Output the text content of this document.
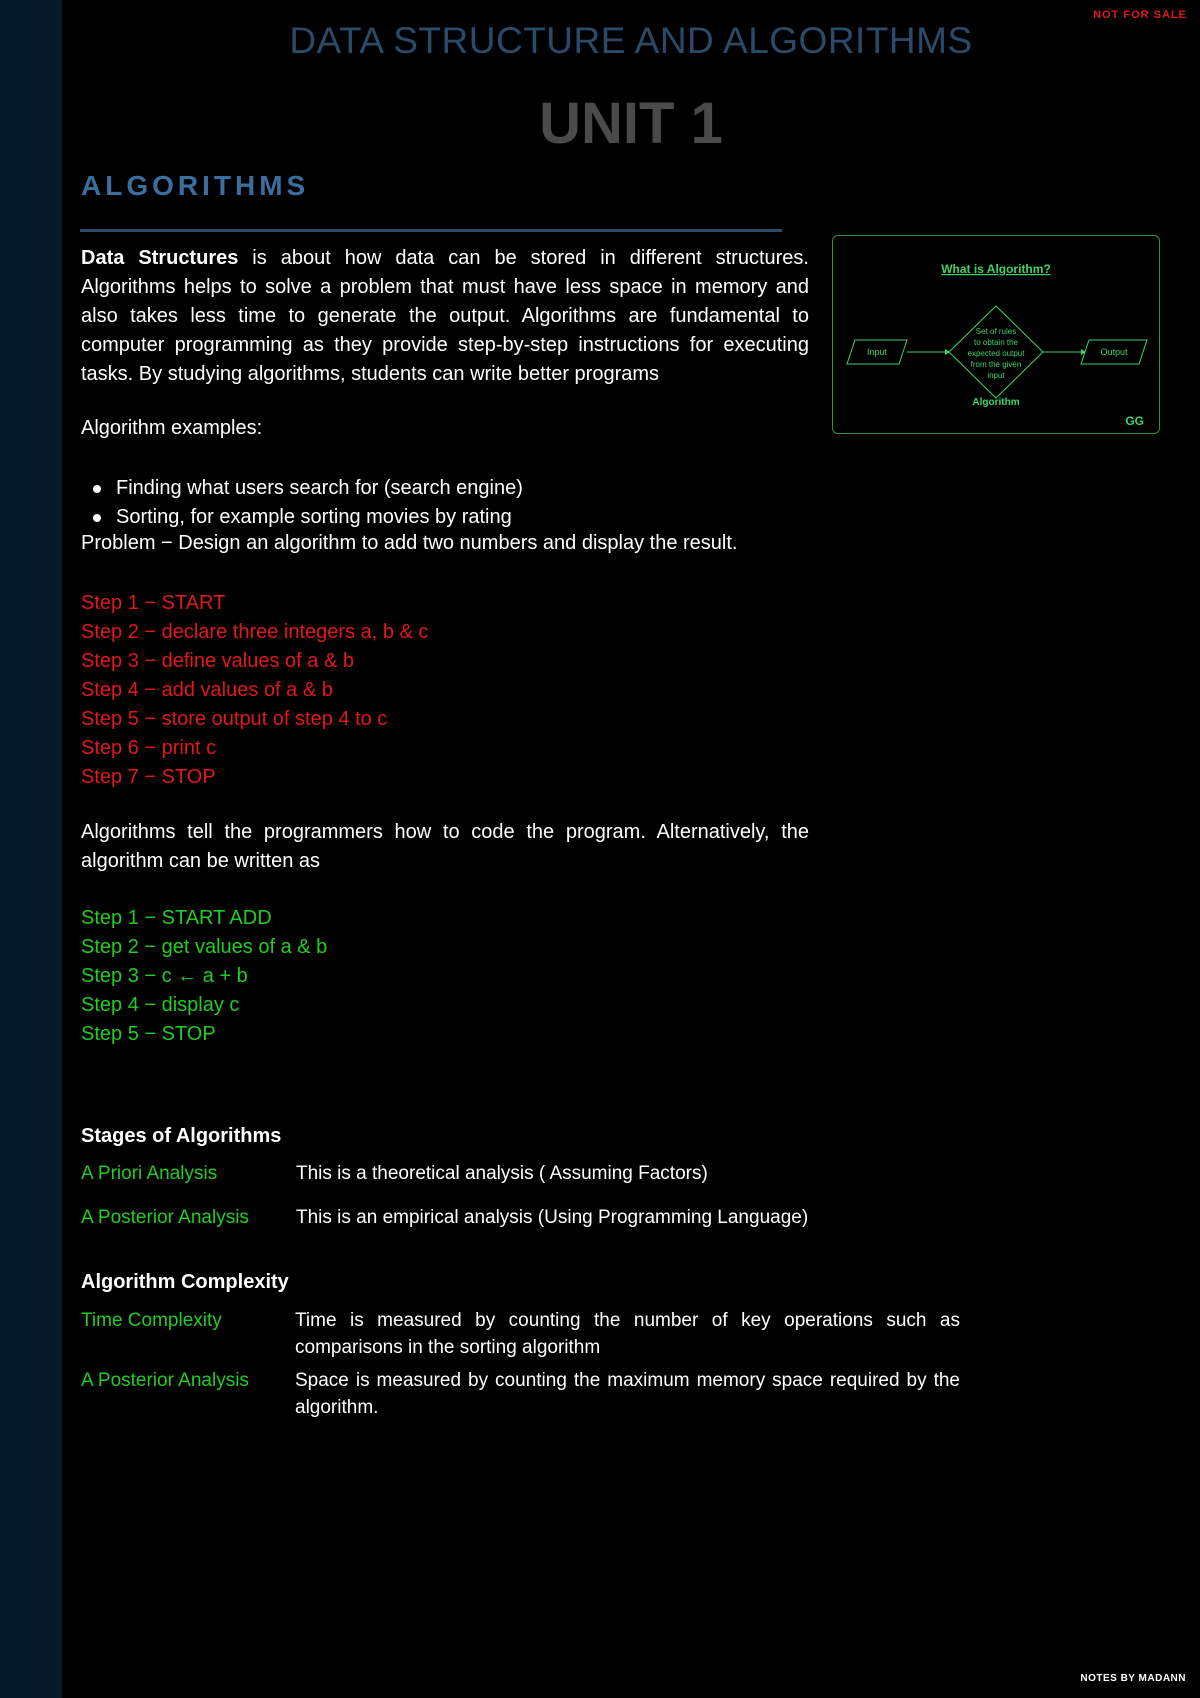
NOT FOR SALE
DATA STRUCTURE AND ALGORITHMS
UNIT 1
ALGORITHMS
Data Structures is about how data can be stored in different structures. Algorithms helps to solve a problem that must have less space in memory and also takes less time to generate the output. Algorithms are fundamental to computer programming as they provide step-by-step instructions for executing tasks. By studying algorithms, students can write better programs
What is Algorithm?
Input
Set of rules
to obtain the
expected output
from the given
input
Output
Algorithm
GG
Algorithm examples:
Finding what users search for (search engine)
Sorting, for example sorting movies by rating
Problem − Design an algorithm to add two numbers and display the result.
Step 1 − START
Step 2 − declare three integers a, b & c
Step 3 − define values of a & b
Step 4 − add values of a & b
Step 5 − store output of step 4 to c
Step 6 − print c
Step 7 − STOP
Algorithms tell the programmers how to code the program. Alternatively, the algorithm can be written as
Step 1 − START ADD
Step 2 − get values of a & b
Step 3 − c ← a + b
Step 4 − display c
Step 5 − STOP
Stages of Algorithms
A Priori Analysis	This is a theoretical analysis ( Assuming Factors)
A Posterior Analysis This is an empirical analysis (Using Programming Language)
Algorithm Complexity
Time Complexity	Time is measured by counting the number of key operations such as comparisons in the sorting algorithm
A Posterior Analysis Space is measured by counting the maximum memory space required by the algorithm.
NOTES BY MADANN
